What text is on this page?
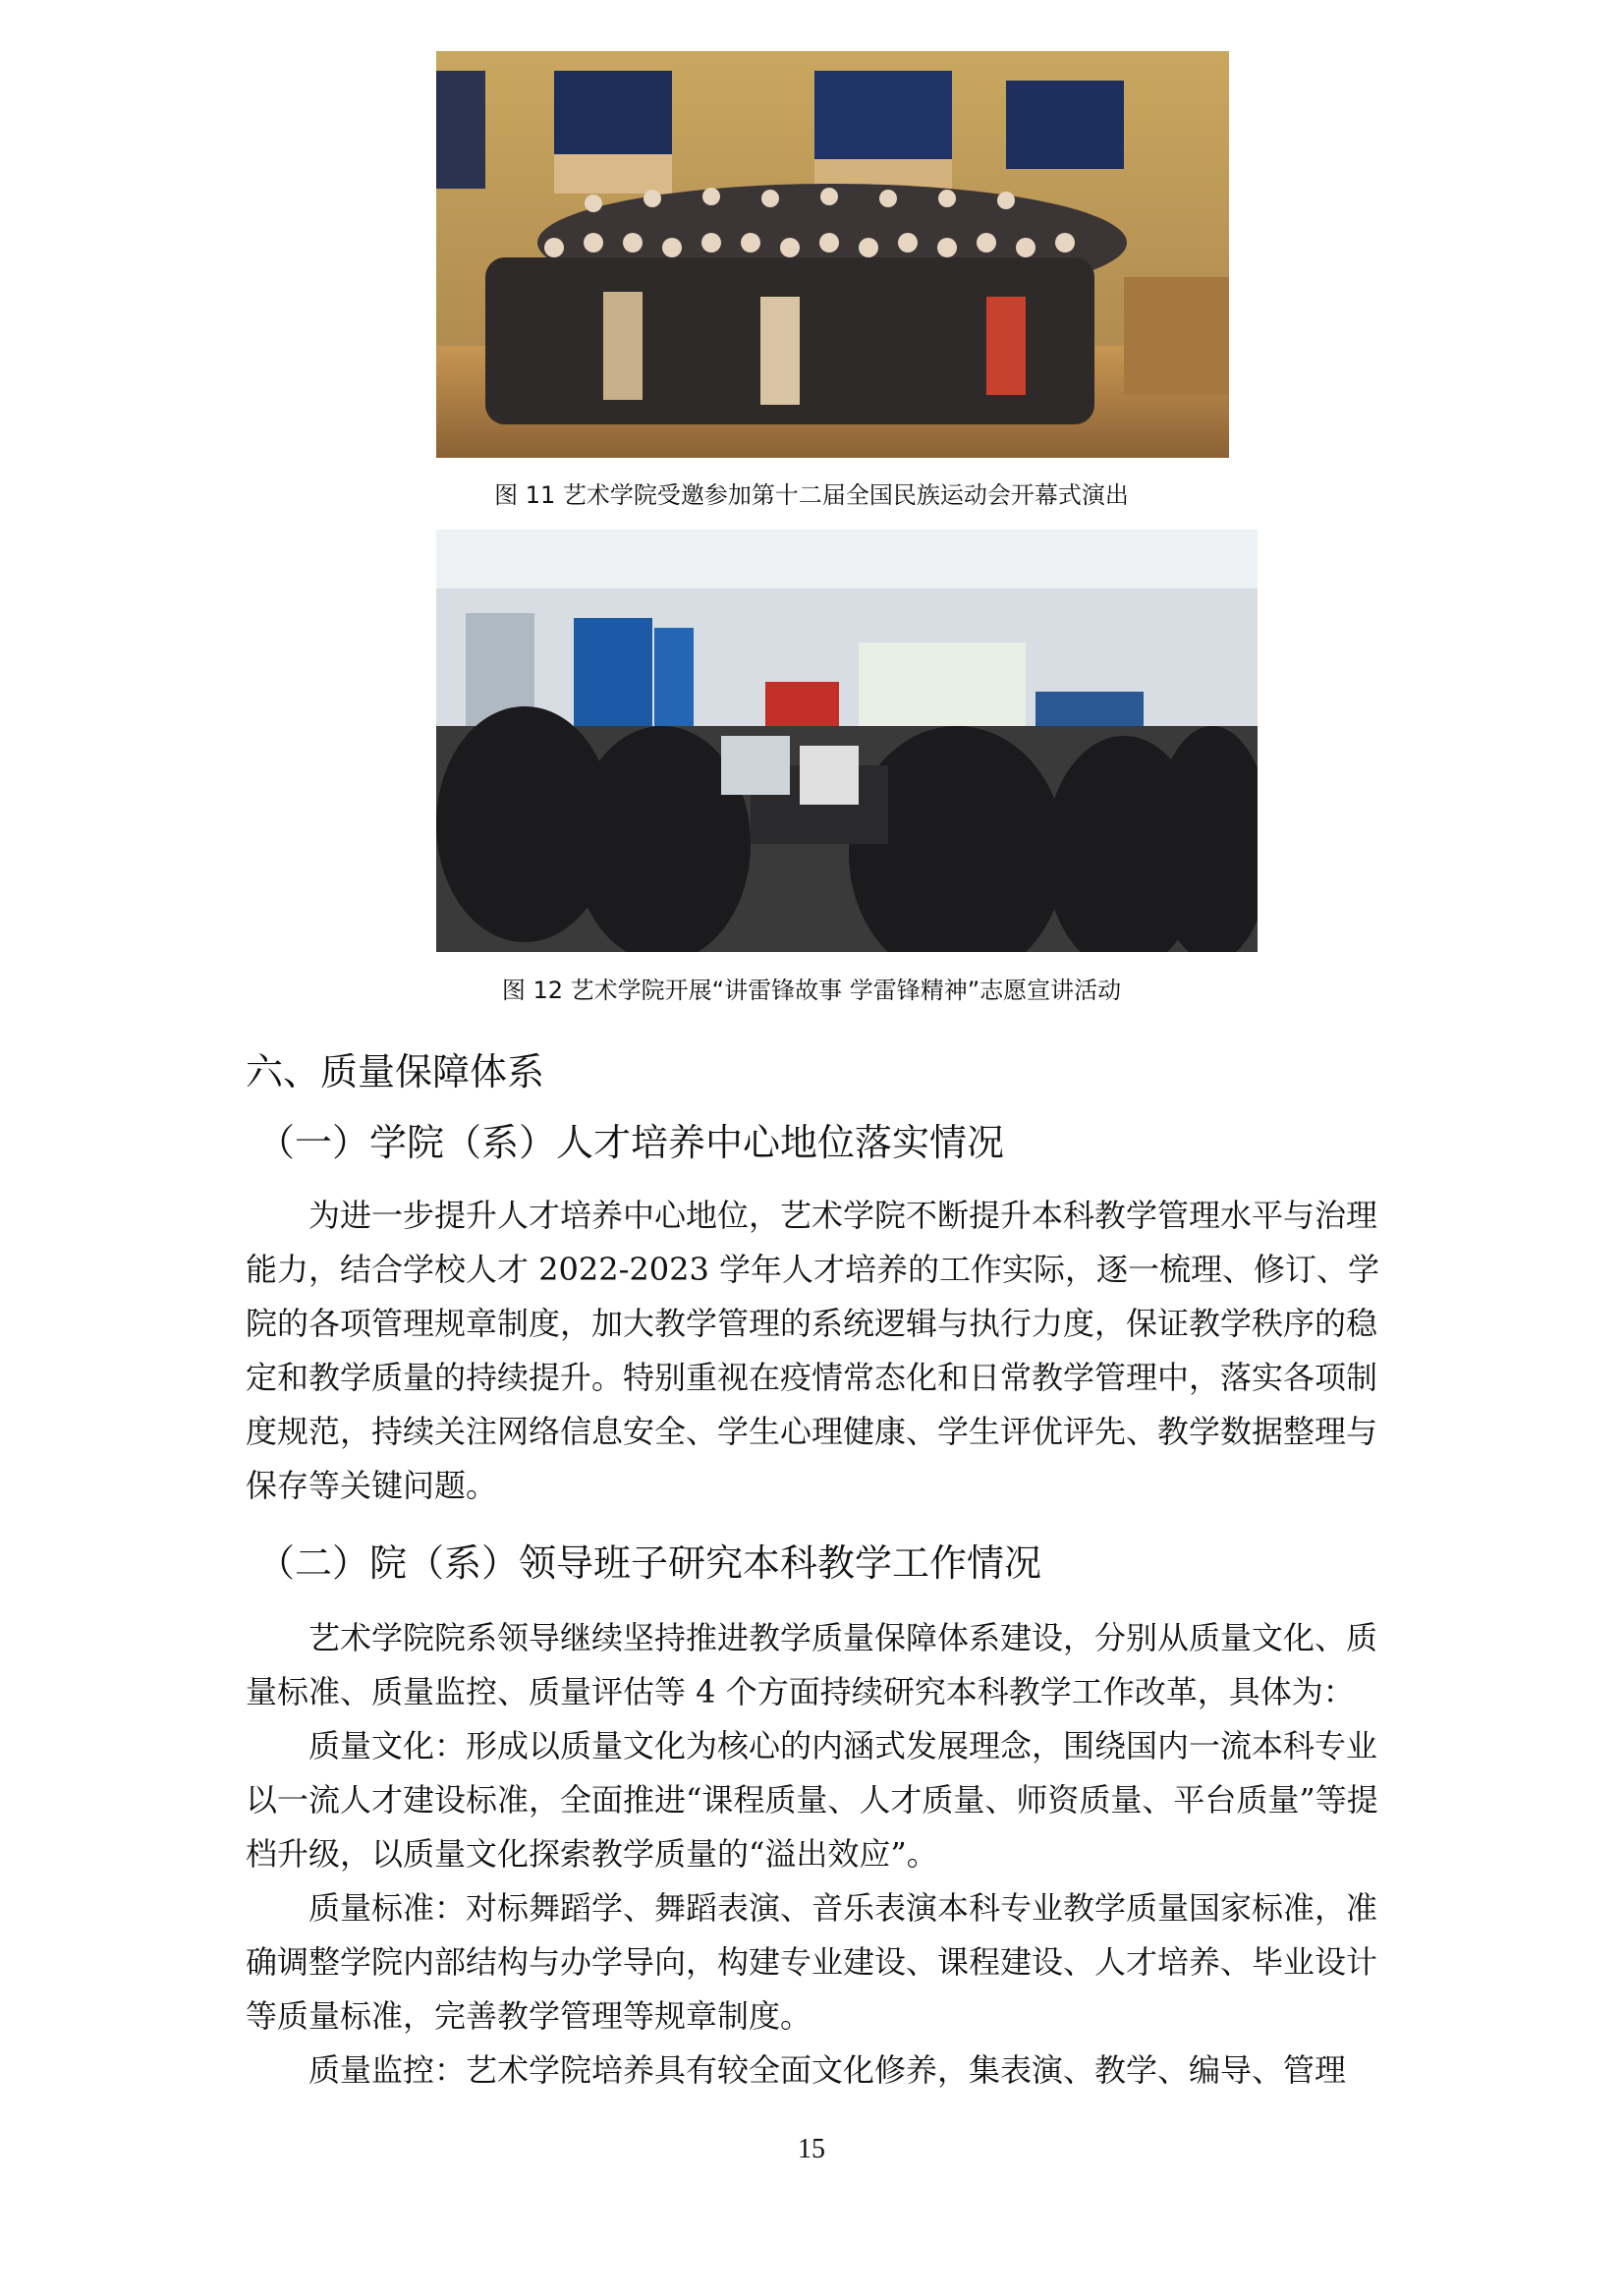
图 11 艺术学院受邀参加第十二届全国民族运动会开幕式演出
图 12 艺术学院开展“讲雷锋故事 学雷锋精神”志愿宣讲活动
六、质量保障体系
（一）学院（系）人才培养中心地位落实情况

为进一步提升人才培养中心地位，艺术学院不断提升本科教学管理水平与治理能力，结合学校人才 2022-2023 学年人才培养的工作实际，逐一梳理、修订、学院的各项管理规章制度，加大教学管理的系统逻辑与执行力度，保证教学秩序的稳定和教学质量的持续提升。特别重视在疫情常态化和日常教学管理中，落实各项制度规范，持续关注网络信息安全、学生心理健康、学生评优评先、教学数据整理与保存等关键问题。

（二）院（系）领导班子研究本科教学工作情况

艺术学院院系领导继续坚持推进教学质量保障体系建设，分别从质量文化、质量标准、质量监控、质量评估等 4 个方面持续研究本科教学工作改革，具体为：

质量文化：形成以质量文化为核心的内涵式发展理念，围绕国内一流本科专业以一流人才建设标准，全面推进“课程质量、人才质量、师资质量、平台质量”等提档升级，以质量文化探索教学质量的“溢出效应”。

质量标准：对标舞蹈学、舞蹈表演、音乐表演本科专业教学质量国家标准，准确调整学院内部结构与办学导向，构建专业建设、课程建设、人才培养、毕业设计等质量标准，完善教学管理等规章制度。

质量监控：艺术学院培养具有较全面文化修养，集表演、教学、编导、管理

15
